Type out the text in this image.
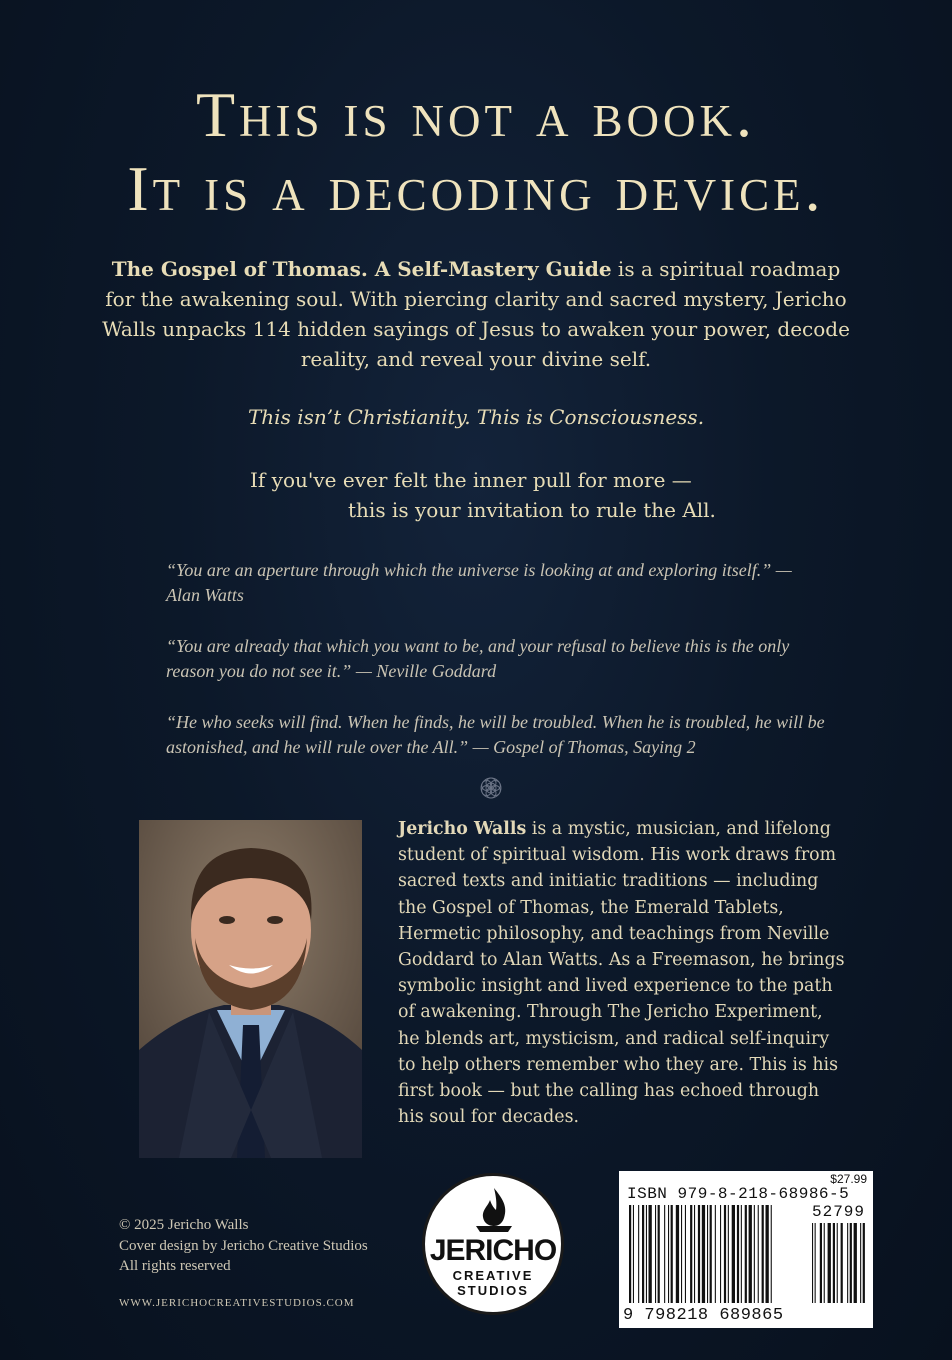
This is not a book.
It is a decoding device.
The Gospel of Thomas. A Self-Mastery Guide is a spiritual roadmap for the awakening soul. With piercing clarity and sacred mystery, Jericho Walls unpacks 114 hidden sayings of Jesus to awaken your power, decode reality, and reveal your divine self.
This isn’t Christianity. This is Consciousness.
If you've ever felt the inner pull for more —
this is your invitation to rule the All.

“You are an aperture through which the universe is looking at and exploring itself.” — Alan Watts

“You are already that which you want to be, and your refusal to believe this is the only reason you do not see it.” — Neville Goddard

“He who seeks will find. When he finds, he will be troubled. When he is troubled, he will be astonished, and he will rule over the All.” — Gospel of Thomas, Saying 2

Jericho Walls is a mystic, musician, and lifelong student of spiritual wisdom. His work draws from sacred texts and initiatic traditions — including the Gospel of Thomas, the Emerald Tablets, Hermetic philosophy, and teachings from Neville Goddard to Alan Watts. As a Freemason, he brings symbolic insight and lived experience to the path of awakening. Through The Jericho Experiment, he blends art, mysticism, and radical self-inquiry to help others remember who they are. This is his first book — but the calling has echoed through his soul for decades.
© 2025 Jericho Walls
Cover design by Jericho Creative Studios
All rights reserved
WWW.JERICHOCREATIVESTUDIOS.COM
JERICHO
CREATIVE
STUDIOS
$27.99
ISBN 979-8-218-68986-5
52799
9 798218 689865
